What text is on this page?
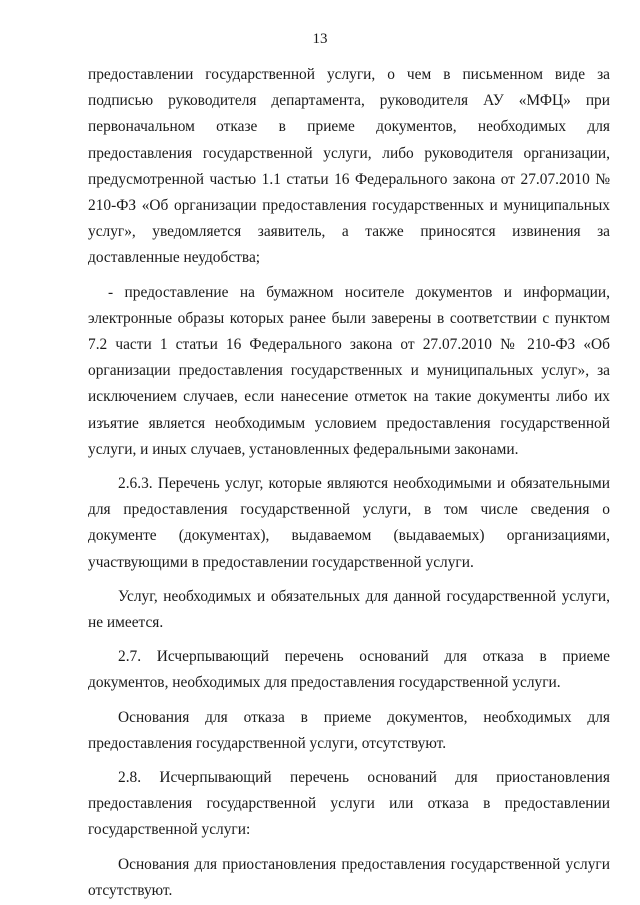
13

предоставлении государственной услуги, о чем в письменном виде за подписью руководителя департамента, руководителя АУ «МФЦ» при первоначальном отказе в приеме документов, необходимых для предоставления государственной услуги, либо руководителя организации, предусмотренной частью 1.1 статьи 16 Федерального закона от 27.07.2010 № 210-ФЗ «Об организации предоставления государственных и муниципальных услуг», уведомляется заявитель, а также приносятся извинения за доставленные неудобства;

- предоставление на бумажном носителе документов и информации, электронные образы которых ранее были заверены в соответствии с пунктом 7.2 части 1 статьи 16 Федерального закона от 27.07.2010 № 210-ФЗ «Об организации предоставления государственных и муниципальных услуг», за исключением случаев, если нанесение отметок на такие документы либо их изъятие является необходимым условием предоставления государственной услуги, и иных случаев, установленных федеральными законами.

2.6.3. Перечень услуг, которые являются необходимыми и обязательными для предоставления государственной услуги, в том числе сведения о документе (документах), выдаваемом (выдаваемых) организациями, участвующими в предоставлении государственной услуги.

Услуг, необходимых и обязательных для данной государственной услуги, не имеется.

2.7. Исчерпывающий перечень оснований для отказа в приеме документов, необходимых для предоставления государственной услуги.

Основания для отказа в приеме документов, необходимых для предоставления государственной услуги, отсутствуют.

2.8. Исчерпывающий перечень оснований для приостановления предоставления государственной услуги или отказа в предоставлении государственной услуги:

Основания для приостановления предоставления государственной услуги отсутствуют.
